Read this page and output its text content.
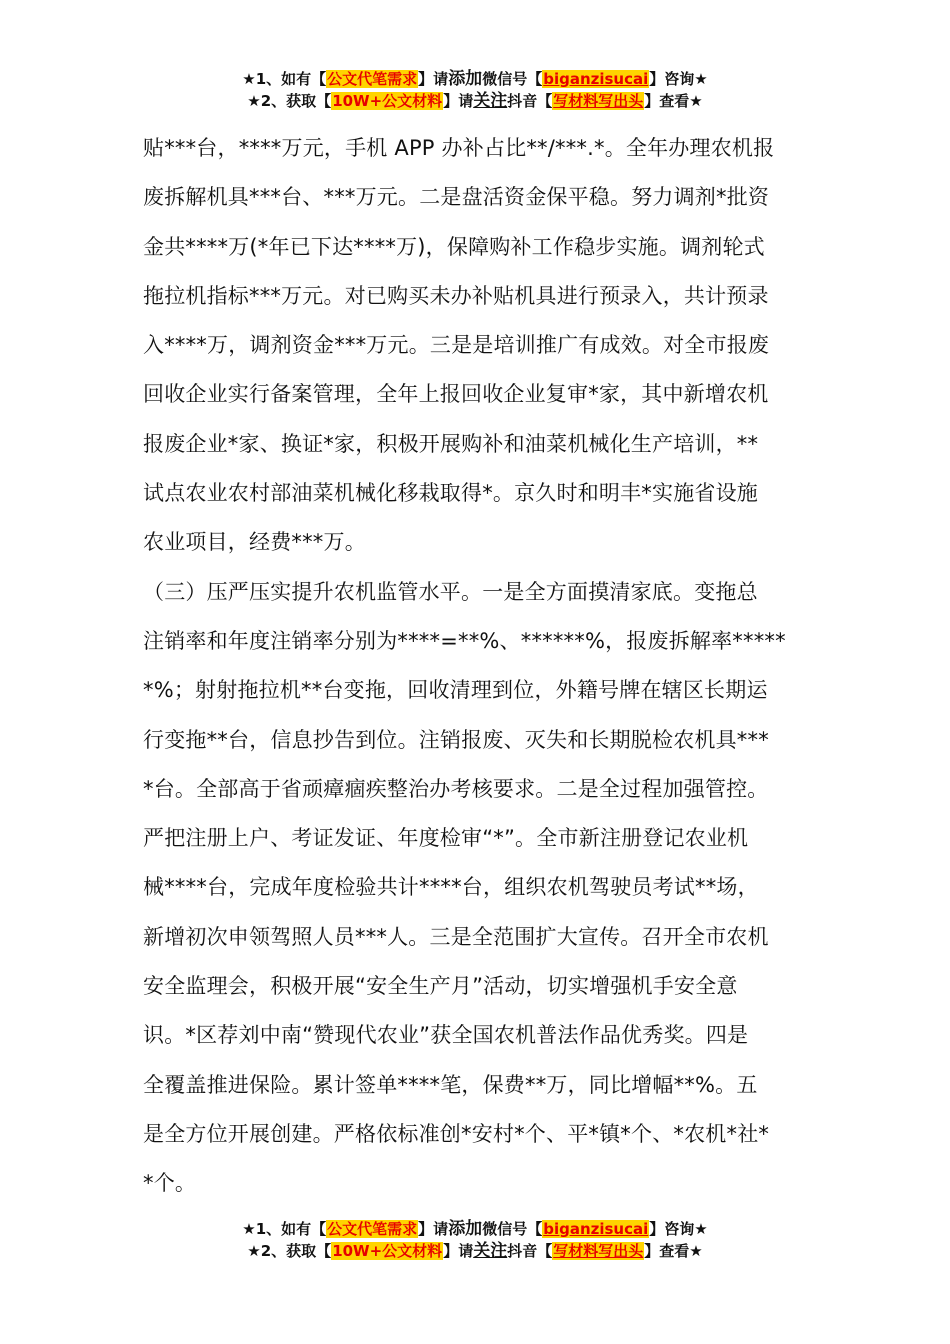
★1、如有【公文代笔需求】请添加微信号【biganzisucai】咨询★
★2、获取【10W+公文材料】请关注抖音【写材料写出头】查看★
贴***台，****万元，手机 APP 办补占比**/***.*。全年办理农机报
废拆解机具***台、***万元。二是盘活资金保平稳。努力调剂*批资
金共****万(*年已下达****万)，保障购补工作稳步实施。调剂轮式
拖拉机指标***万元。对已购买未办补贴机具进行预录入，共计预录
入****万，调剂资金***万元。三是是培训推广有成效。对全市报废
回收企业实行备案管理，全年上报回收企业复审*家，其中新增农机
报废企业*家、换证*家，积极开展购补和油菜机械化生产培训，**
试点农业农村部油菜机械化移栽取得*。京久时和明丰*实施省设施
农业项目，经费***万。
（三）压严压实提升农机监管水平。一是全方面摸清家底。变拖总
注销率和年度注销率分别为****=**%、******%，报废拆解率*****
*%；射射拖拉机**台变拖，回收清理到位，外籍号牌在辖区长期运
行变拖**台，信息抄告到位。注销报废、灭失和长期脱检农机具***
*台。全部高于省顽瘴痼疾整治办考核要求。二是全过程加强管控。
严把注册上户、考证发证、年度检审“*”。全市新注册登记农业机
械****台，完成年度检验共计****台，组织农机驾驶员考试**场，
新增初次申领驾照人员***人。三是全范围扩大宣传。召开全市农机
安全监理会，积极开展“安全生产月”活动，切实增强机手安全意
识。*区荐刘中南“赞现代农业”获全国农机普法作品优秀奖。四是
全覆盖推进保险。累计签单****笔，保费**万，同比增幅**%。五
是全方位开展创建。严格依标准创*安村*个、平*镇*个、*农机*社*
*个。
★1、如有【公文代笔需求】请添加微信号【biganzisucai】咨询★
★2、获取【10W+公文材料】请关注抖音【写材料写出头】查看★
